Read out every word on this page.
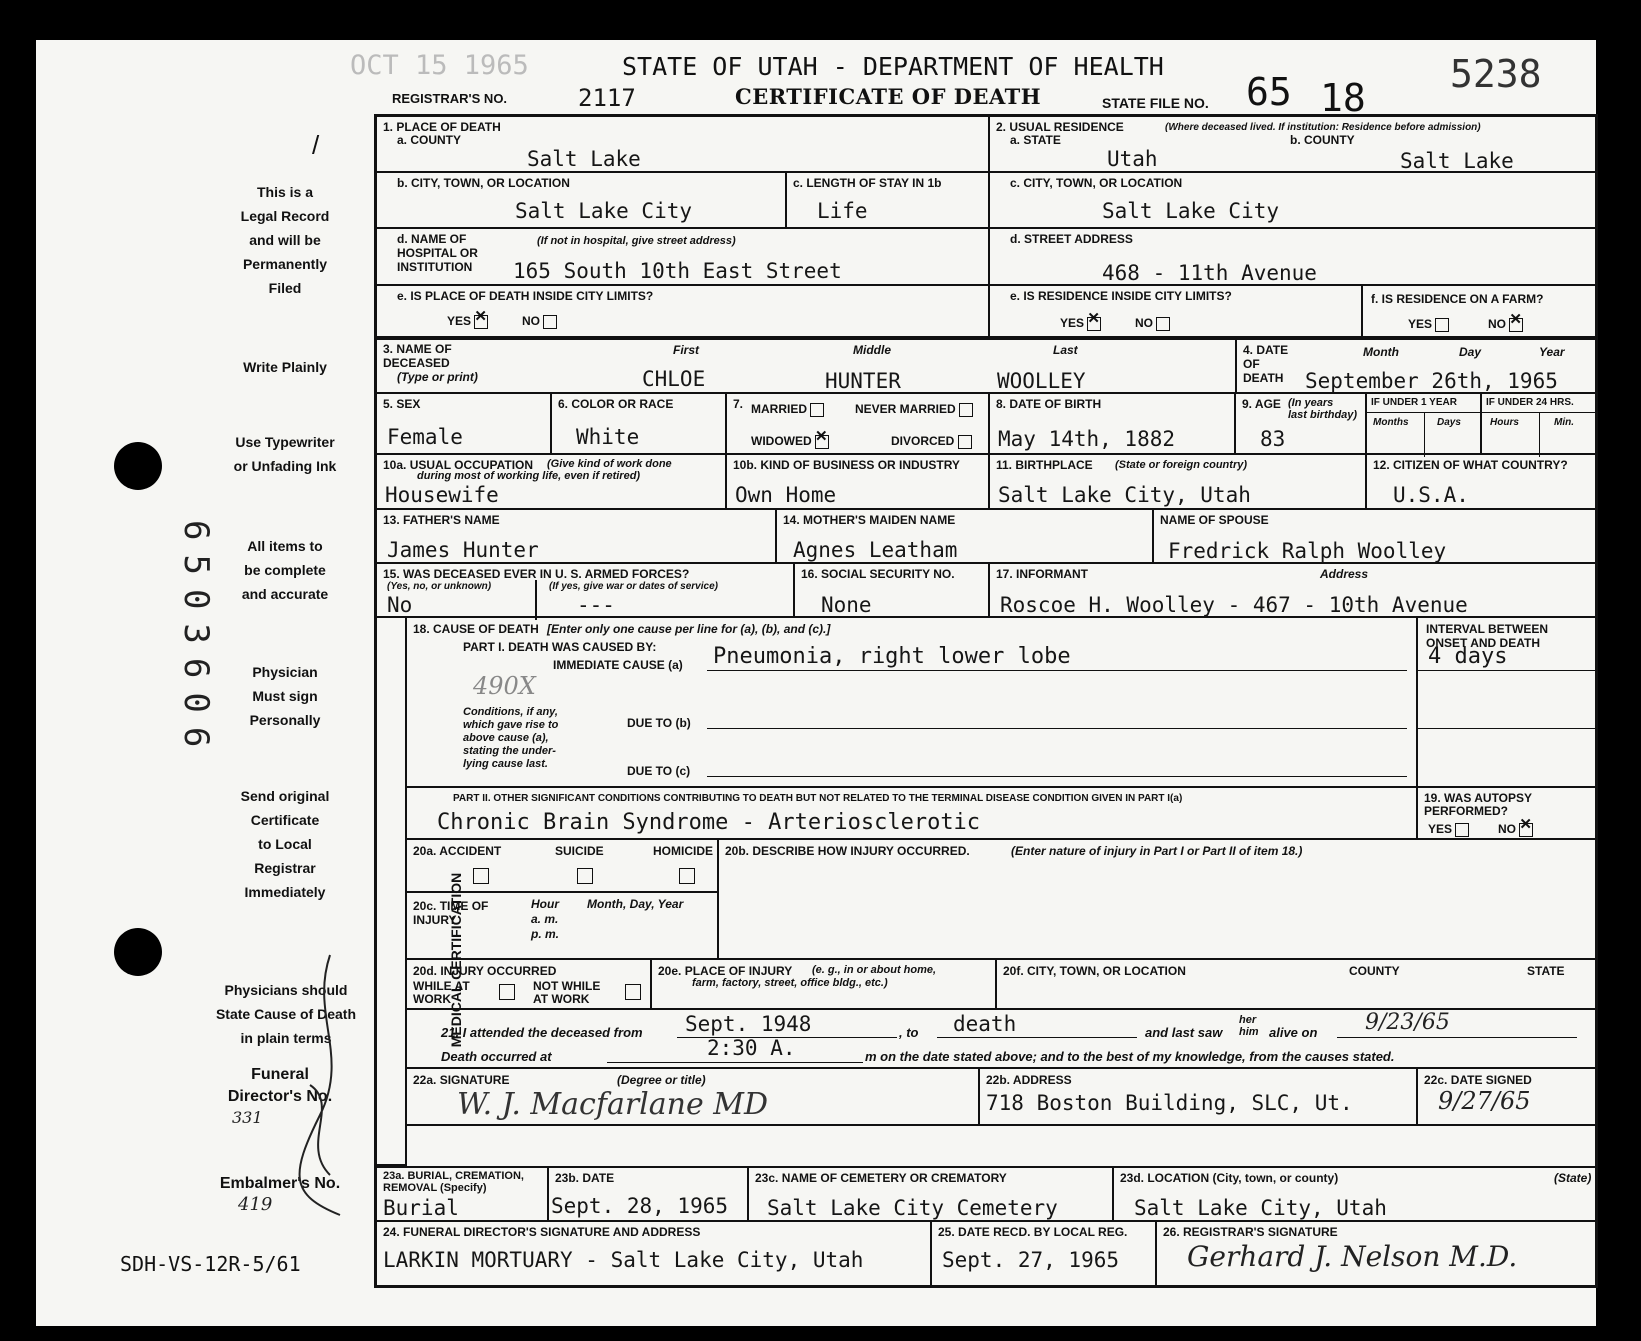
OCT 15 1965	STATE OF UTAH - DEPARTMENT OF HEALTH	5238
REGISTRAR'S NO.	2117	CERTIFICATE OF DEATH	STATE FILE NO. 65 18
This is a
Legal Record
and will be
Permanently
Filed
Write Plainly
Use Typewriter
or Unfading Ink
All items to
be complete
and accurate
Physician
Must sign
Personally
Send original
Certificate
to Local
Registrar
Immediately
Physicians should
State Cause of Death
in plain terms
Funeral
Director's No.
331
Embalmer's No.
419
SDH-VS-12R-5/61
6503606
1. PLACE OF DEATH
a. COUNTY
Salt Lake
2. USUAL RESIDENCE	(Where deceased lived. If institution: Residence before admission)
a. STATE	b. COUNTY
Utah	Salt Lake
b. CITY, TOWN, OR LOCATION
Salt Lake City
c. LENGTH OF STAY IN 1b
Life
c. CITY, TOWN, OR LOCATION
Salt Lake City
d. NAME OF
HOSPITAL OR
INSTITUTION
(If not in hospital, give street address)
165 South 10th East Street
d. STREET ADDRESS
468 - 11th Avenue
e. IS PLACE OF DEATH INSIDE CITY LIMITS?
YES ✕	NO
e. IS RESIDENCE INSIDE CITY LIMITS?
YES ✕	NO
f. IS RESIDENCE ON A FARM?
YES	NO ✕
3. NAME OF
DECEASED
(Type or print)
First	Middle	Last
CHLOE	HUNTER	WOOLLEY
4. DATE
OF
DEATH
Month	Day	Year
September 26th, 1965
5. SEX
Female
6. COLOR OR RACE
White
7. MARRIED	NEVER MARRIED
WIDOWED ✕	DIVORCED
8. DATE OF BIRTH
May 14th, 1882
9. AGE (In years
last birthday)
83
IF UNDER 1 YEAR
Months	Days
IF UNDER 24 HRS.
Hours	Min.
10a. USUAL OCCUPATION	(Give kind of work done
during most of working life, even if retired)
Housewife
10b. KIND OF BUSINESS OR INDUSTRY
Own Home
11. BIRTHPLACE (State or foreign country)
Salt Lake City, Utah
12. CITIZEN OF WHAT COUNTRY?
U.S.A.
13. FATHER'S NAME
James Hunter
14. MOTHER'S MAIDEN NAME
Agnes Leatham
NAME OF SPOUSE
Fredrick Ralph Woolley
15. WAS DECEASED EVER IN U. S. ARMED FORCES?
(Yes, no, or unknown)	(If yes, give war or dates of service)
No	---
16. SOCIAL SECURITY NO.
None
17. INFORMANT	Address
Roscoe H. Woolley - 467 - 10th Avenue
MEDICAL CERTIFICATION
18. CAUSE OF DEATH [Enter only one cause per line for (a), (b), and (c).]
PART I. DEATH WAS CAUSED BY:
IMMEDIATE CAUSE (a) Pneumonia, right lower lobe
490X
Conditions, if any,
which gave rise to
above cause (a),
stating the under-
lying cause last.
DUE TO (b)
DUE TO (c)
INTERVAL BETWEEN
ONSET AND DEATH
4 days
PART II. OTHER SIGNIFICANT CONDITIONS CONTRIBUTING TO DEATH BUT NOT RELATED TO THE TERMINAL DISEASE CONDITION GIVEN IN PART I(a)
Chronic Brain Syndrome - Arteriosclerotic
19. WAS AUTOPSY
PERFORMED?
YES	NO ✕
20a. ACCIDENT	SUICIDE	HOMICIDE 20b. DESCRIBE HOW INJURY OCCURRED.	(Enter nature of injury in Part I or Part II of item 18.)
20c. TIME OF
INJURY
Hour
a. m.
p. m.
Month, Day, Year
20d. INJURY OCCURRED
WHILE AT
WORK
NOT WHILE
AT WORK
20e. PLACE OF INJURY	(e. g., in or about home,
farm, factory, street, office bldg., etc.)
20f. CITY, TOWN, OR LOCATION	COUNTY	STATE
21. I attended the deceased from Sept. 1948	, to death	and last saw
her
him alive on 9/23/65
Death occurred at	2:30 A.	m on the date stated above; and to the best of my knowledge, from the causes stated.
22a. SIGNATURE	(Degree or title)
W. J. Macfarlane MD
22b. ADDRESS
718 Boston Building, SLC, Ut.
22c. DATE SIGNED
9/27/65
23a. BURIAL, CREMATION,
REMOVAL (Specify)
Burial
23b. DATE
Sept. 28, 1965
23c. NAME OF CEMETERY OR CREMATORY
Salt Lake City Cemetery
23d. LOCATION (City, town, or county)	(State)
Salt Lake City, Utah
24. FUNERAL DIRECTOR'S SIGNATURE AND ADDRESS
LARKIN MORTUARY - Salt Lake City, Utah
25. DATE RECD. BY LOCAL REG.
Sept. 27, 1965
26. REGISTRAR'S SIGNATURE
Gerhard J. Nelson M.D.
/
